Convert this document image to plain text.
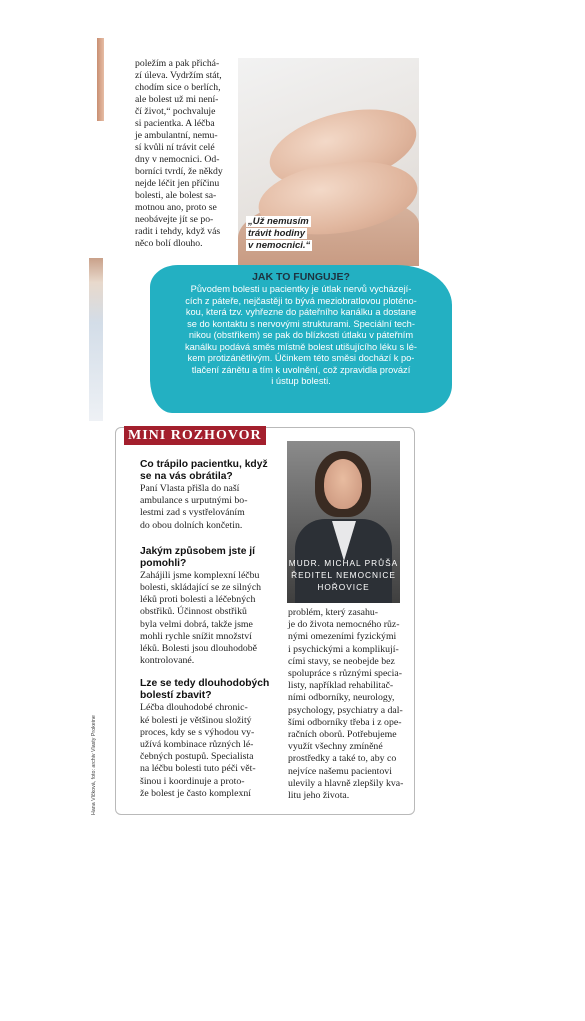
poležím a pak přichá-

zí úleva. Vydržím stát,

chodím sice o berlích,

ale bolest už mi není-

čí život,“ pochvaluje

si pacientka. A léčba

je ambulantní, nemu-

sí kvůli ní trávit celé

dny v nemocnici. Od-

borníci tvrdí, že někdy

nejde léčit jen příčinu

bolesti, ale bolest sa-

motnou ano, proto se

neobávejte jít se po-

radit i tehdy, když vás

něco bolí dlouho.

„Už nemusím
trávit hodiny
v nemocnici.“
JAK TO FUNGUJE?
Původem bolesti u pacientky je útlak nervů vycházejí-
cích z páteře, nejčastěji to bývá meziobratlovou ploténo-
kou, která tzv. vyhřezne do páteřního kanálku a dostane
se do kontaktu s nervovými strukturami. Speciální tech-
nikou (obstřikem) se pak do blízkosti útlaku v páteřním
kanálku podává směs místně bolest utišujícího léku s lé-
kem protizánětlivým. Účinkem této směsi dochází k po-
tlačení zánětu a tím k uvolnění, což zpravidla provází
i ústup bolesti.
MINI ROZHOVOR

Co trápilo pacientku, když

se na vás obrátila?

Paní Vlasta přišla do naší

ambulance s urputnými bo-

lestmi zad s vystřelováním

do obou dolních končetin.

Jakým způsobem jste jí

pomohli?

Zahájili jsme komplexní léčbu

bolesti, skládající se ze silných

léků proti bolesti a léčebných

obstřiků. Účinnost obstřiků

byla velmi dobrá, takže jsme

mohli rychle snížit množství

léků. Bolesti jsou dlouhodobě

kontrolované.

Lze se tedy dlouhodobých

bolestí zbavit?

Léčba dlouhodobé chronic-

ké bolesti je většinou složitý

proces, kdy se s výhodou vy-

užívá kombinace různých lé-

čebných postupů. Specialista

na léčbu bolesti tuto péči vět-

šinou i koordinuje a proto-

že bolest je často komplexní

MUDR. MICHAL PRŮŠA
ŘEDITEL NEMOCNICE
HOŘOVICE

problém, který zasahu-

je do života nemocného růz-

nými omezeními fyzickými

i psychickými a komplikují-

cími stavy, se neobejde bez

spolupráce s různými specia-

listy, například rehabilitač-

ními odborníky, neurology,

psychology, psychiatry a dal-

šími odborníky třeba i z ope-

račních oborů. Potřebujeme

využít všechny zmíněné

prostředky a také to, aby co

nejvíce našemu pacientovi

ulevily a hlavně zlepšily kva-

litu jeho života.

Hana Vlčková, foto: archiv Vlasty Prokeine
